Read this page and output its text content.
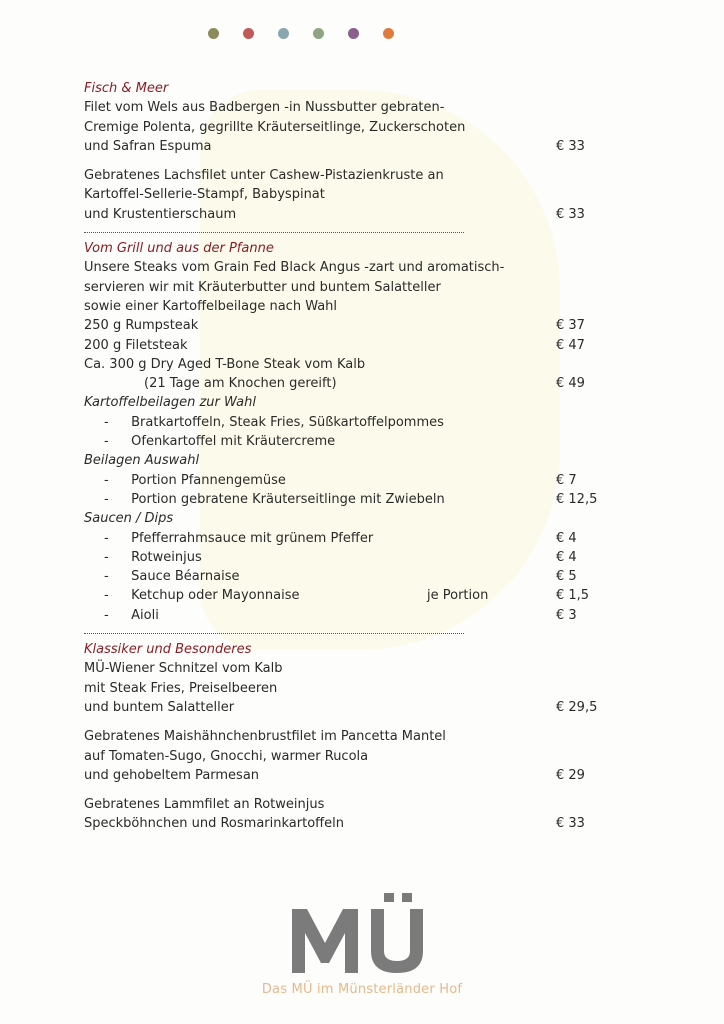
Fisch & Meer
Filet vom Wels aus Badbergen -in Nussbutter gebraten-
Cremige Polenta, gegrillte Kräuterseitlinge, Zuckerschoten
und Safran Espuma	€ 33
Gebratenes Lachsfilet unter Cashew-Pistazienkruste an
Kartoffel-Sellerie-Stampf, Babyspinat
und Krustentierschaum	€ 33
Vom Grill und aus der Pfanne
Unsere Steaks vom Grain Fed Black Angus -zart und aromatisch-
servieren wir mit Kräuterbutter und buntem Salatteller
sowie einer Kartoffelbeilage nach Wahl
250 g Rumpsteak	€ 37
200 g Filetsteak	€ 47
Ca. 300 g Dry Aged T-Bone Steak vom Kalb
(21 Tage am Knochen gereift)	€ 49
Kartoffelbeilagen zur Wahl
- Bratkartoffeln, Steak Fries, Süßkartoffelpommes
- Ofenkartoffel mit Kräutercreme
Beilagen Auswahl
- Portion Pfannengemüse	€ 7
- Portion gebratene Kräuterseitlinge mit Zwiebeln	€ 12,5
Saucen / Dips
- Pfefferrahmsauce mit grünem Pfeffer	€ 4
- Rotweinjus	€ 4
- Sauce Béarnaise	€ 5
- Ketchup oder Mayonnaise	je Portion	€ 1,5
- Aioli	€ 3
Klassiker und Besonderes
MÜ-Wiener Schnitzel vom Kalb
mit Steak Fries, Preiselbeeren
und buntem Salatteller	€ 29,5
Gebratenes Maishähnchenbrustfilet im Pancetta Mantel
auf Tomaten-Sugo, Gnocchi, warmer Rucola
und gehobeltem Parmesan	€ 29
Gebratenes Lammfilet an Rotweinjus
Speckböhnchen und Rosmarinkartoffeln	€ 33
Das MÜ im Münsterländer Hof
